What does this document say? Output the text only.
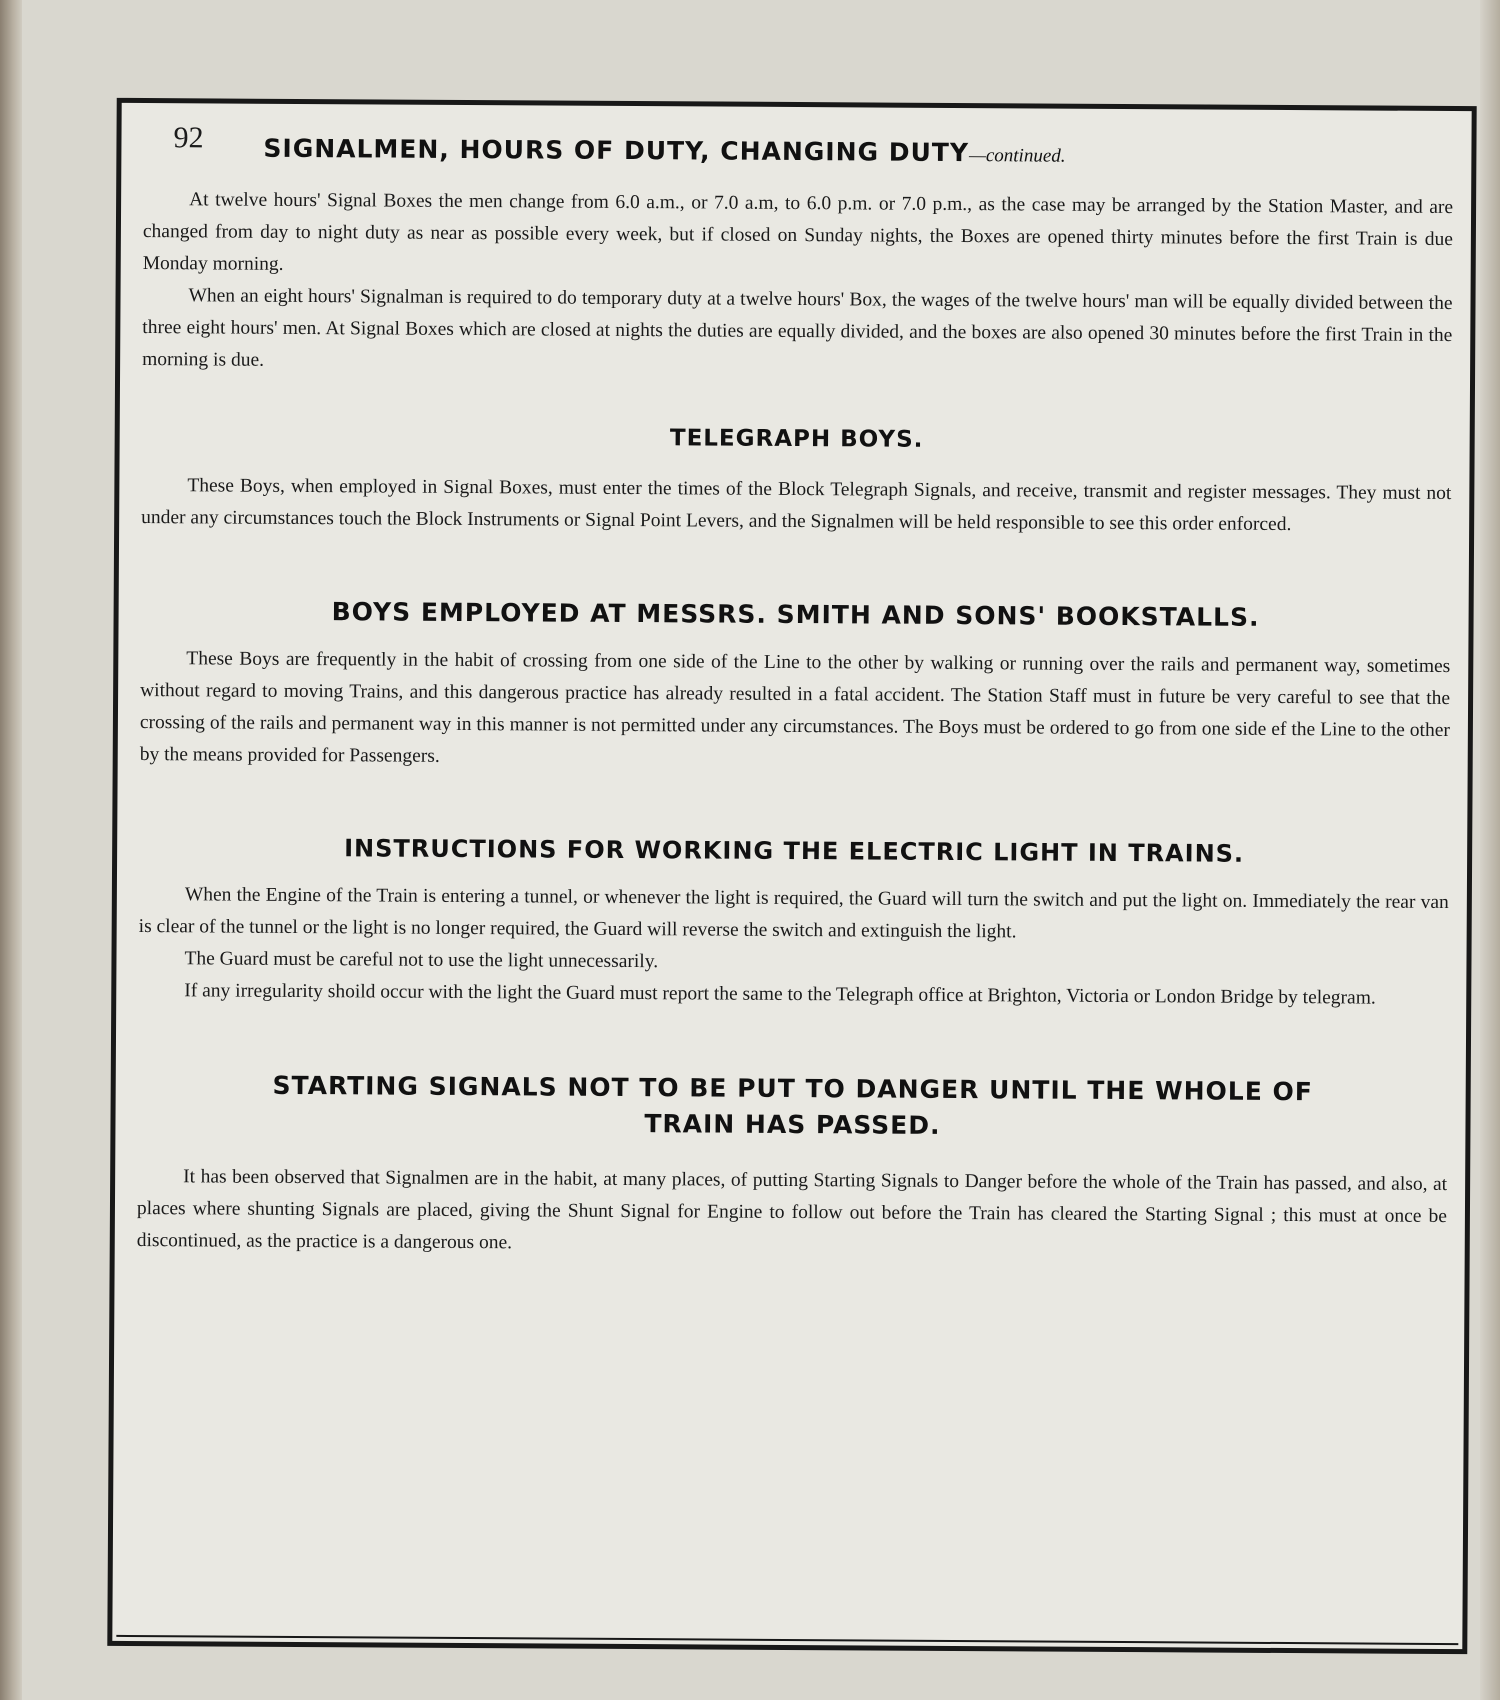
92	SIGNALMEN, HOURS OF DUTY, CHANGING DUTY—continued.

At twelve hours' Signal Boxes the men change from 6.0 a.m., or 7.0 a.m, to 6.0 p.m. or 7.0 p.m., as the case may be arranged by the Station Master, and are changed from day to night duty as near as possible every week, but if closed on Sunday nights, the Boxes are opened thirty minutes before the first Train is due Monday morning.

When an eight hours' Signalman is required to do temporary duty at a twelve hours' Box, the wages of the twelve hours' man will be equally divided between the three eight hours' men. At Signal Boxes which are closed at nights the duties are equally divided, and the boxes are also opened 30 minutes before the first Train in the morning is due.

TELEGRAPH BOYS.

These Boys, when employed in Signal Boxes, must enter the times of the Block Telegraph Signals, and receive, transmit and register messages. They must not under any circumstances touch the Block Instruments or Signal Point Levers, and the Signalmen will be held responsible to see this order enforced.

BOYS EMPLOYED AT MESSRS. SMITH AND SONS' BOOKSTALLS.

These Boys are frequently in the habit of crossing from one side of the Line to the other by walking or running over the rails and permanent way, sometimes without regard to moving Trains, and this dangerous practice has already resulted in a fatal accident. The Station Staff must in future be very careful to see that the crossing of the rails and permanent way in this manner is not permitted under any circumstances. The Boys must be ordered to go from one side ef the Line to the other by the means provided for Passengers.

INSTRUCTIONS FOR WORKING THE ELECTRIC LIGHT IN TRAINS.

When the Engine of the Train is entering a tunnel, or whenever the light is required, the Guard will turn the switch and put the light on. Immediately the rear van is clear of the tunnel or the light is no longer required, the Guard will reverse the switch and extinguish the light.

The Guard must be careful not to use the light unnecessarily.

If any irregularity shoild occur with the light the Guard must report the same to the Telegraph office at Brighton, Victoria or London Bridge by telegram.

STARTING SIGNALS NOT TO BE PUT TO DANGER UNTIL THE WHOLE OF
TRAIN HAS PASSED.

It has been observed that Signalmen are in the habit, at many places, of putting Starting Signals to Danger before the whole of the Train has passed, and also, at places where shunting Signals are placed, giving the Shunt Signal for Engine to follow out before the Train has cleared the Starting Signal ; this must at once be discontinued, as the practice is a dangerous one.
